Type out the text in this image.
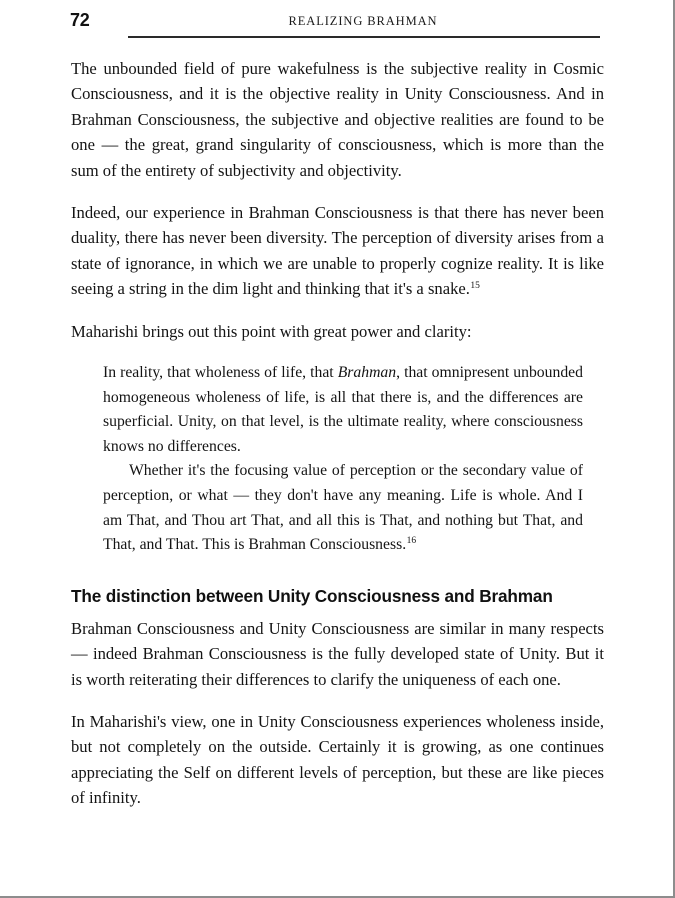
72	REALIZING BRAHMAN

The unbounded field of pure wakefulness is the subjective reality in Cosmic Consciousness, and it is the objective reality in Unity Consciousness. And in Brahman Consciousness, the subjective and objective realities are found to be one — the great, grand singularity of consciousness, which is more than the sum of the entirety of subjectivity and objectivity.

Indeed, our experience in Brahman Consciousness is that there has never been duality, there has never been diversity. The perception of diversity arises from a state of ignorance, in which we are unable to properly cognize reality. It is like seeing a string in the dim light and thinking that it's a snake.$^{15}$

Maharishi brings out this point with great power and clarity:

In reality, that wholeness of life, that Brahman, that omnipresent unbounded homogeneous wholeness of life, is all that there is, and the differences are superficial. Unity, on that level, is the ultimate reality, where consciousness knows no differences.

Whether it's the focusing value of perception or the secondary value of perception, or what — they don't have any meaning. Life is whole. And I am That, and Thou art That, and all this is That, and nothing but That, and That, and That. This is Brahman Consciousness.$^{16}$

The distinction between Unity Consciousness and Brahman

Brahman Consciousness and Unity Consciousness are similar in many respects — indeed Brahman Consciousness is the fully developed state of Unity. But it is worth reiterating their differences to clarify the uniqueness of each one.

In Maharishi's view, one in Unity Consciousness experiences wholeness inside, but not completely on the outside. Certainly it is growing, as one continues appreciating the Self on different levels of perception, but these are like pieces of infinity.
